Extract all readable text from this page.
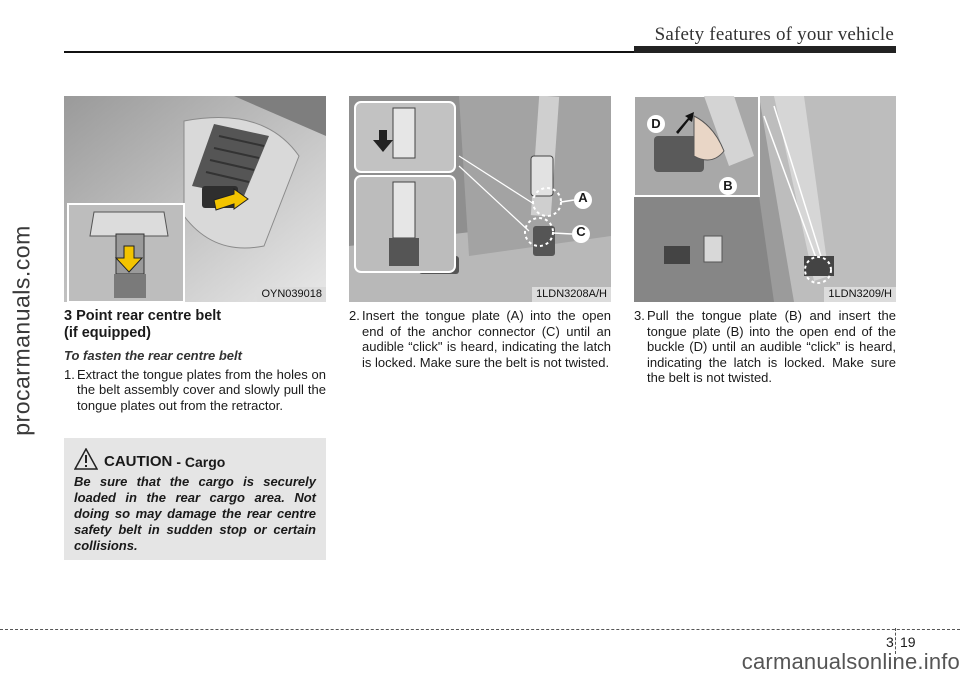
Safety features of your vehicle
procarmanuals.com	OYN039018
A
C
1LDN3208A/H
D
B
1LDN3209/H
3 Point rear centre belt
(if equipped)
To fasten the rear centre belt

1. Extract the tongue plates from the holes on the belt assembly cover and slowly pull the tongue plates out from the retractor.

CAUTION - Cargo

Be sure that the cargo is securely loaded in the rear cargo area. Not doing so may damage the rear centre safety belt in sudden stop or certain collisions.

2. Insert the tongue plate (A) into the open end of the anchor connector (C) until an audible “click" is heard, indicating the latch is locked. Make sure the belt is not twisted.

3. Pull the tongue plate (B) and insert the tongue plate (B) into the open end of the buckle (D) until an audible “click” is heard, indicating the latch is locked. Make sure the belt is not twisted.

3 19
carmanualsonline.info
